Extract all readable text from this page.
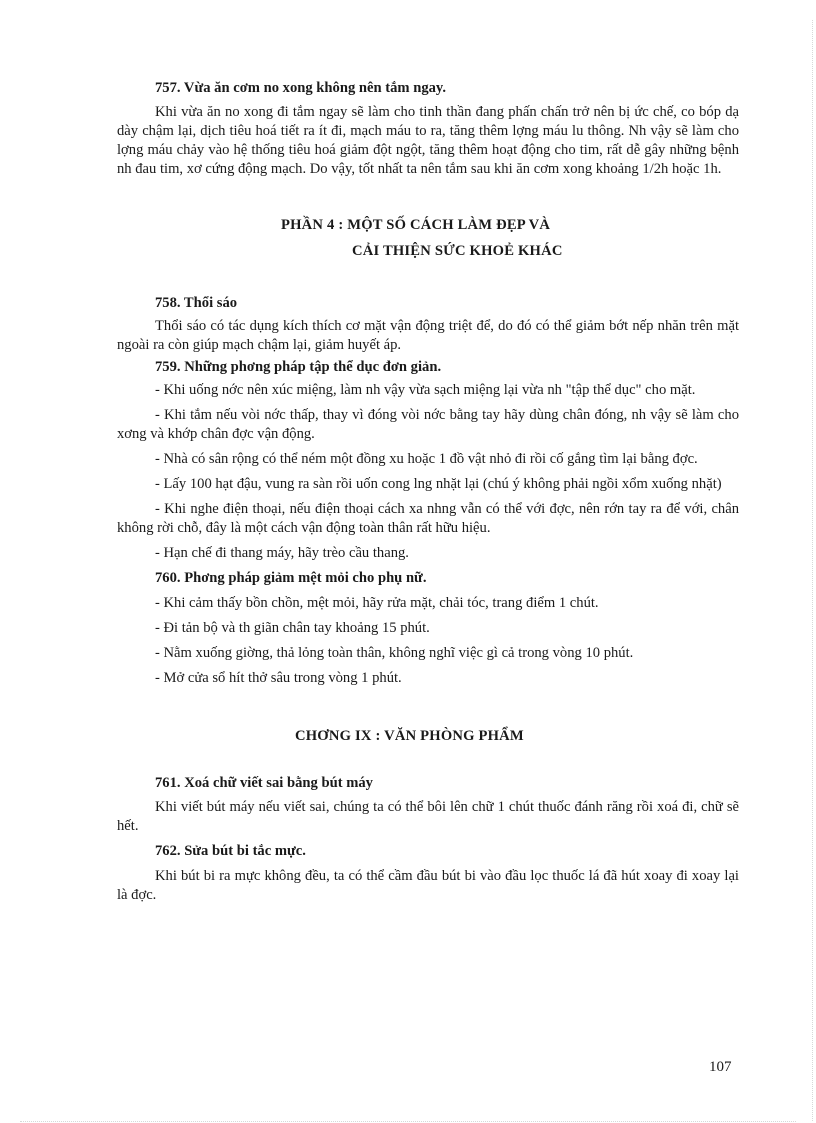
757. Vừa ăn cơm no xong không nên tắm ngay.

Khi vừa ăn no xong đi tắm ngay sẽ làm cho tinh thần đang phấn chấn trở nên bị ức chế, co bóp dạ dày chậm lại, dịch tiêu hoá tiết ra ít đi, mạch máu to ra, tăng thêm lợng máu lu thông. Nh vậy sẽ làm cho lợng máu chảy vào hệ thống tiêu hoá giảm đột ngột, tăng thêm hoạt động cho tim, rất dễ gây những bệnh nh đau tim, xơ cứng động mạch. Do vậy, tốt nhất ta nên tắm sau khi ăn cơm xong khoảng 1/2h hoặc 1h.

PHẦN 4 : MỘT SỐ CÁCH LÀM ĐẸP VÀ

CẢI THIỆN SỨC KHOẺ KHÁC

758. Thổi sáo

Thổi sáo có tác dụng kích thích cơ mặt vận động triệt để, do đó có thể giảm bớt nếp nhăn trên mặt ngoài ra còn giúp mạch chậm lại, giảm huyết áp.

759. Những phơng pháp tập thể dục đơn giản.

- Khi uống nớc nên xúc miệng, làm nh vậy vừa sạch miệng lại vừa nh "tập thể dục" cho mặt.

- Khi tắm nếu vòi nớc thấp, thay vì đóng vòi nớc bằng tay hãy dùng chân đóng, nh vậy sẽ làm cho xơng và khớp chân đợc vận động.

- Nhà có sân rộng có thể ném một đồng xu hoặc 1 đồ vật nhỏ đi rồi cố gắng tìm lại bằng đợc.

- Lấy 100 hạt đậu, vung ra sàn rồi uốn cong lng nhặt lại (chú ý không phải ngồi xổm xuống nhặt)

- Khi nghe điện thoại, nếu điện thoại cách xa nhng vẫn có thể với đợc, nên rớn tay ra để với, chân không rời chỗ, đây là một cách vận động toàn thân rất hữu hiệu.

- Hạn chế đi thang máy, hãy trèo cầu thang.

760. Phơng pháp giảm mệt mỏi cho phụ nữ.

- Khi cảm thấy bồn chồn, mệt mỏi, hãy rửa mặt, chải tóc, trang điểm 1 chút.

- Đi tản bộ và th giãn chân tay khoảng 15 phút.

- Nằm xuống giờng, thả lỏng toàn thân, không nghĩ việc gì cả trong vòng 10 phút.

- Mở cửa sổ hít thở sâu trong vòng 1 phút.

CHƠNG IX : VĂN PHÒNG PHẨM

761. Xoá chữ viết sai bằng bút máy

Khi viết bút máy nếu viết sai, chúng ta có thể bôi lên chữ 1 chút thuốc đánh răng rồi xoá đi, chữ sẽ hết.

762. Sửa bút bi tắc mực.

Khi bút bi ra mực không đều, ta có thể cầm đầu bút bi vào đầu lọc thuốc lá đã hút xoay đi xoay lại là đợc.

107
